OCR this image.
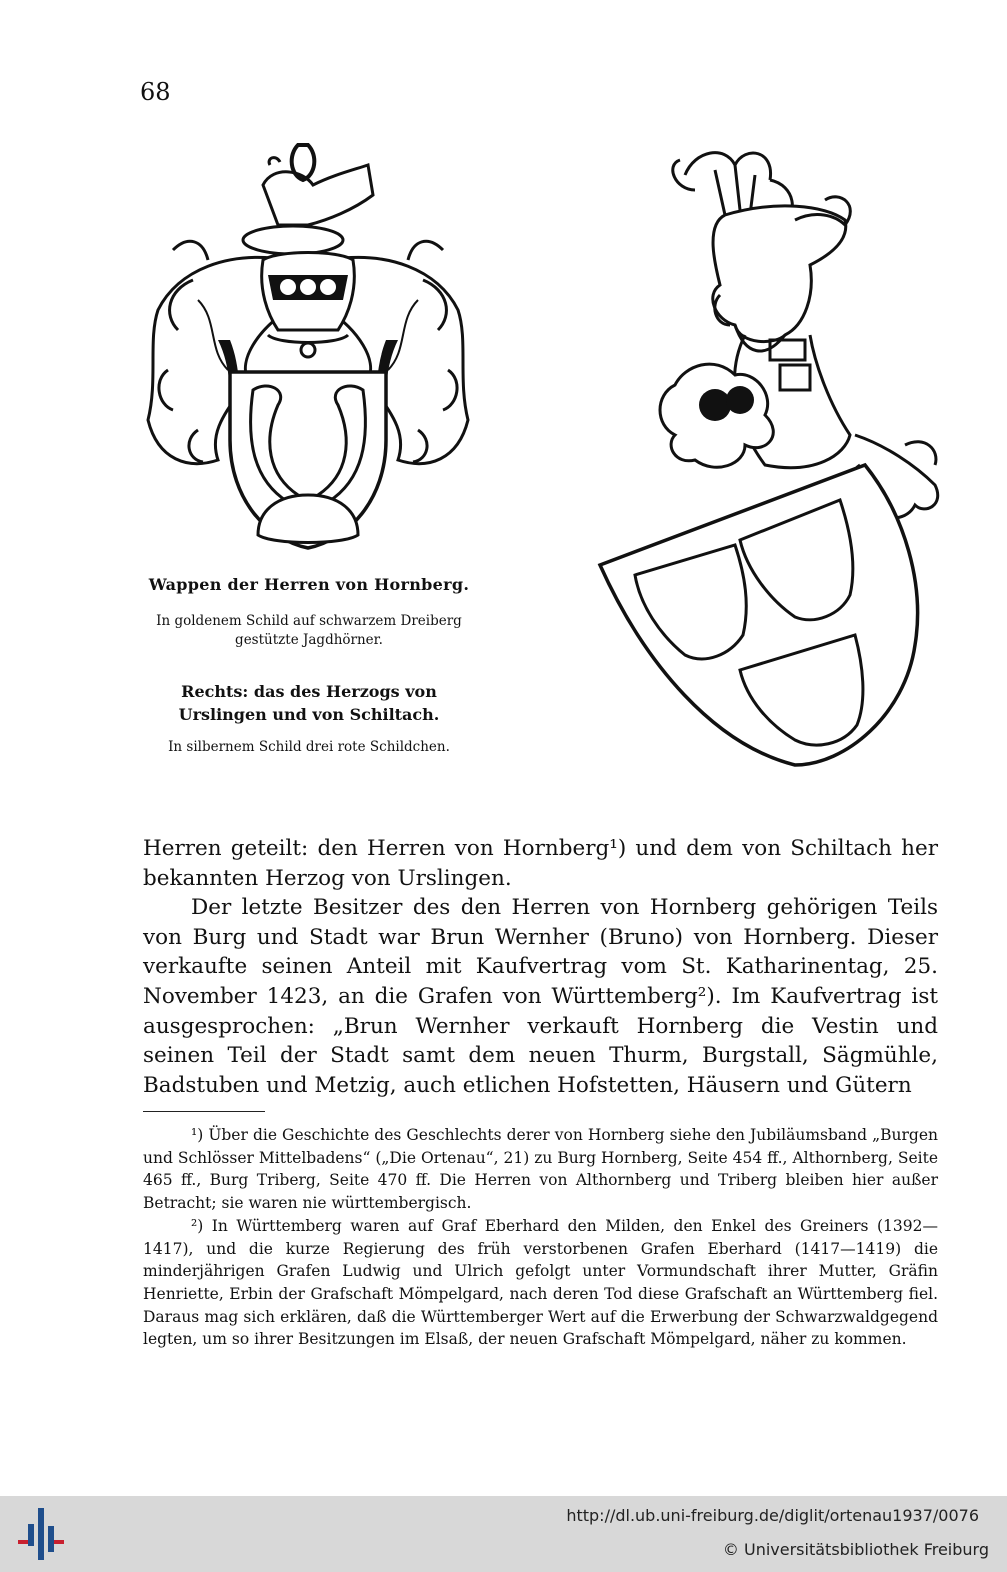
68
Wappen der Herren von Hornberg.
In goldenem Schild auf schwarzem Dreiberg gestützte Jagdhörner.
Rechts: das des Herzogs von Urslingen und von Schiltach.
In silbernem Schild drei rote Schildchen.

Herren geteilt: den Herren von Hornberg¹) und dem von Schiltach her bekannten Herzog von Urslingen.

Der letzte Besitzer des den Herren von Hornberg gehörigen Teils von Burg und Stadt war Brun Wernher (Bruno) von Hornberg. Dieser verkaufte seinen Anteil mit Kaufvertrag vom St. Katharinentag, 25. November 1423, an die Grafen von Württemberg²). Im Kaufvertrag ist ausgesprochen: „Brun Wernher verkauft Hornberg die Vestin und seinen Teil der Stadt samt dem neuen Thurm, Burgstall, Sägmühle, Badstuben und Metzig, auch etlichen Hofstetten, Häusern und Gütern

¹) Über die Geschichte des Geschlechts derer von Hornberg siehe den Jubiläumsband „Burgen und Schlösser Mittelbadens“ („Die Ortenau“, 21) zu Burg Hornberg, Seite 454 ff., Althornberg, Seite 465 ff., Burg Triberg, Seite 470 ff. Die Herren von Althornberg und Triberg bleiben hier außer Betracht; sie waren nie württembergisch.

²) In Württemberg waren auf Graf Eberhard den Milden, den Enkel des Greiners (1392—1417), und die kurze Regierung des früh verstorbenen Grafen Eberhard (1417—1419) die minderjährigen Grafen Ludwig und Ulrich gefolgt unter Vormundschaft ihrer Mutter, Gräfin Henriette, Erbin der Grafschaft Mömpelgard, nach deren Tod diese Grafschaft an Württemberg fiel. Daraus mag sich erklären, daß die Württemberger Wert auf die Erwerbung der Schwarzwaldgegend legten, um so ihrer Besitzungen im Elsaß, der neuen Grafschaft Mömpelgard, näher zu kommen.

http://dl.ub.uni-freiburg.de/diglit/ortenau1937/0076
© Universitätsbibliothek Freiburg
